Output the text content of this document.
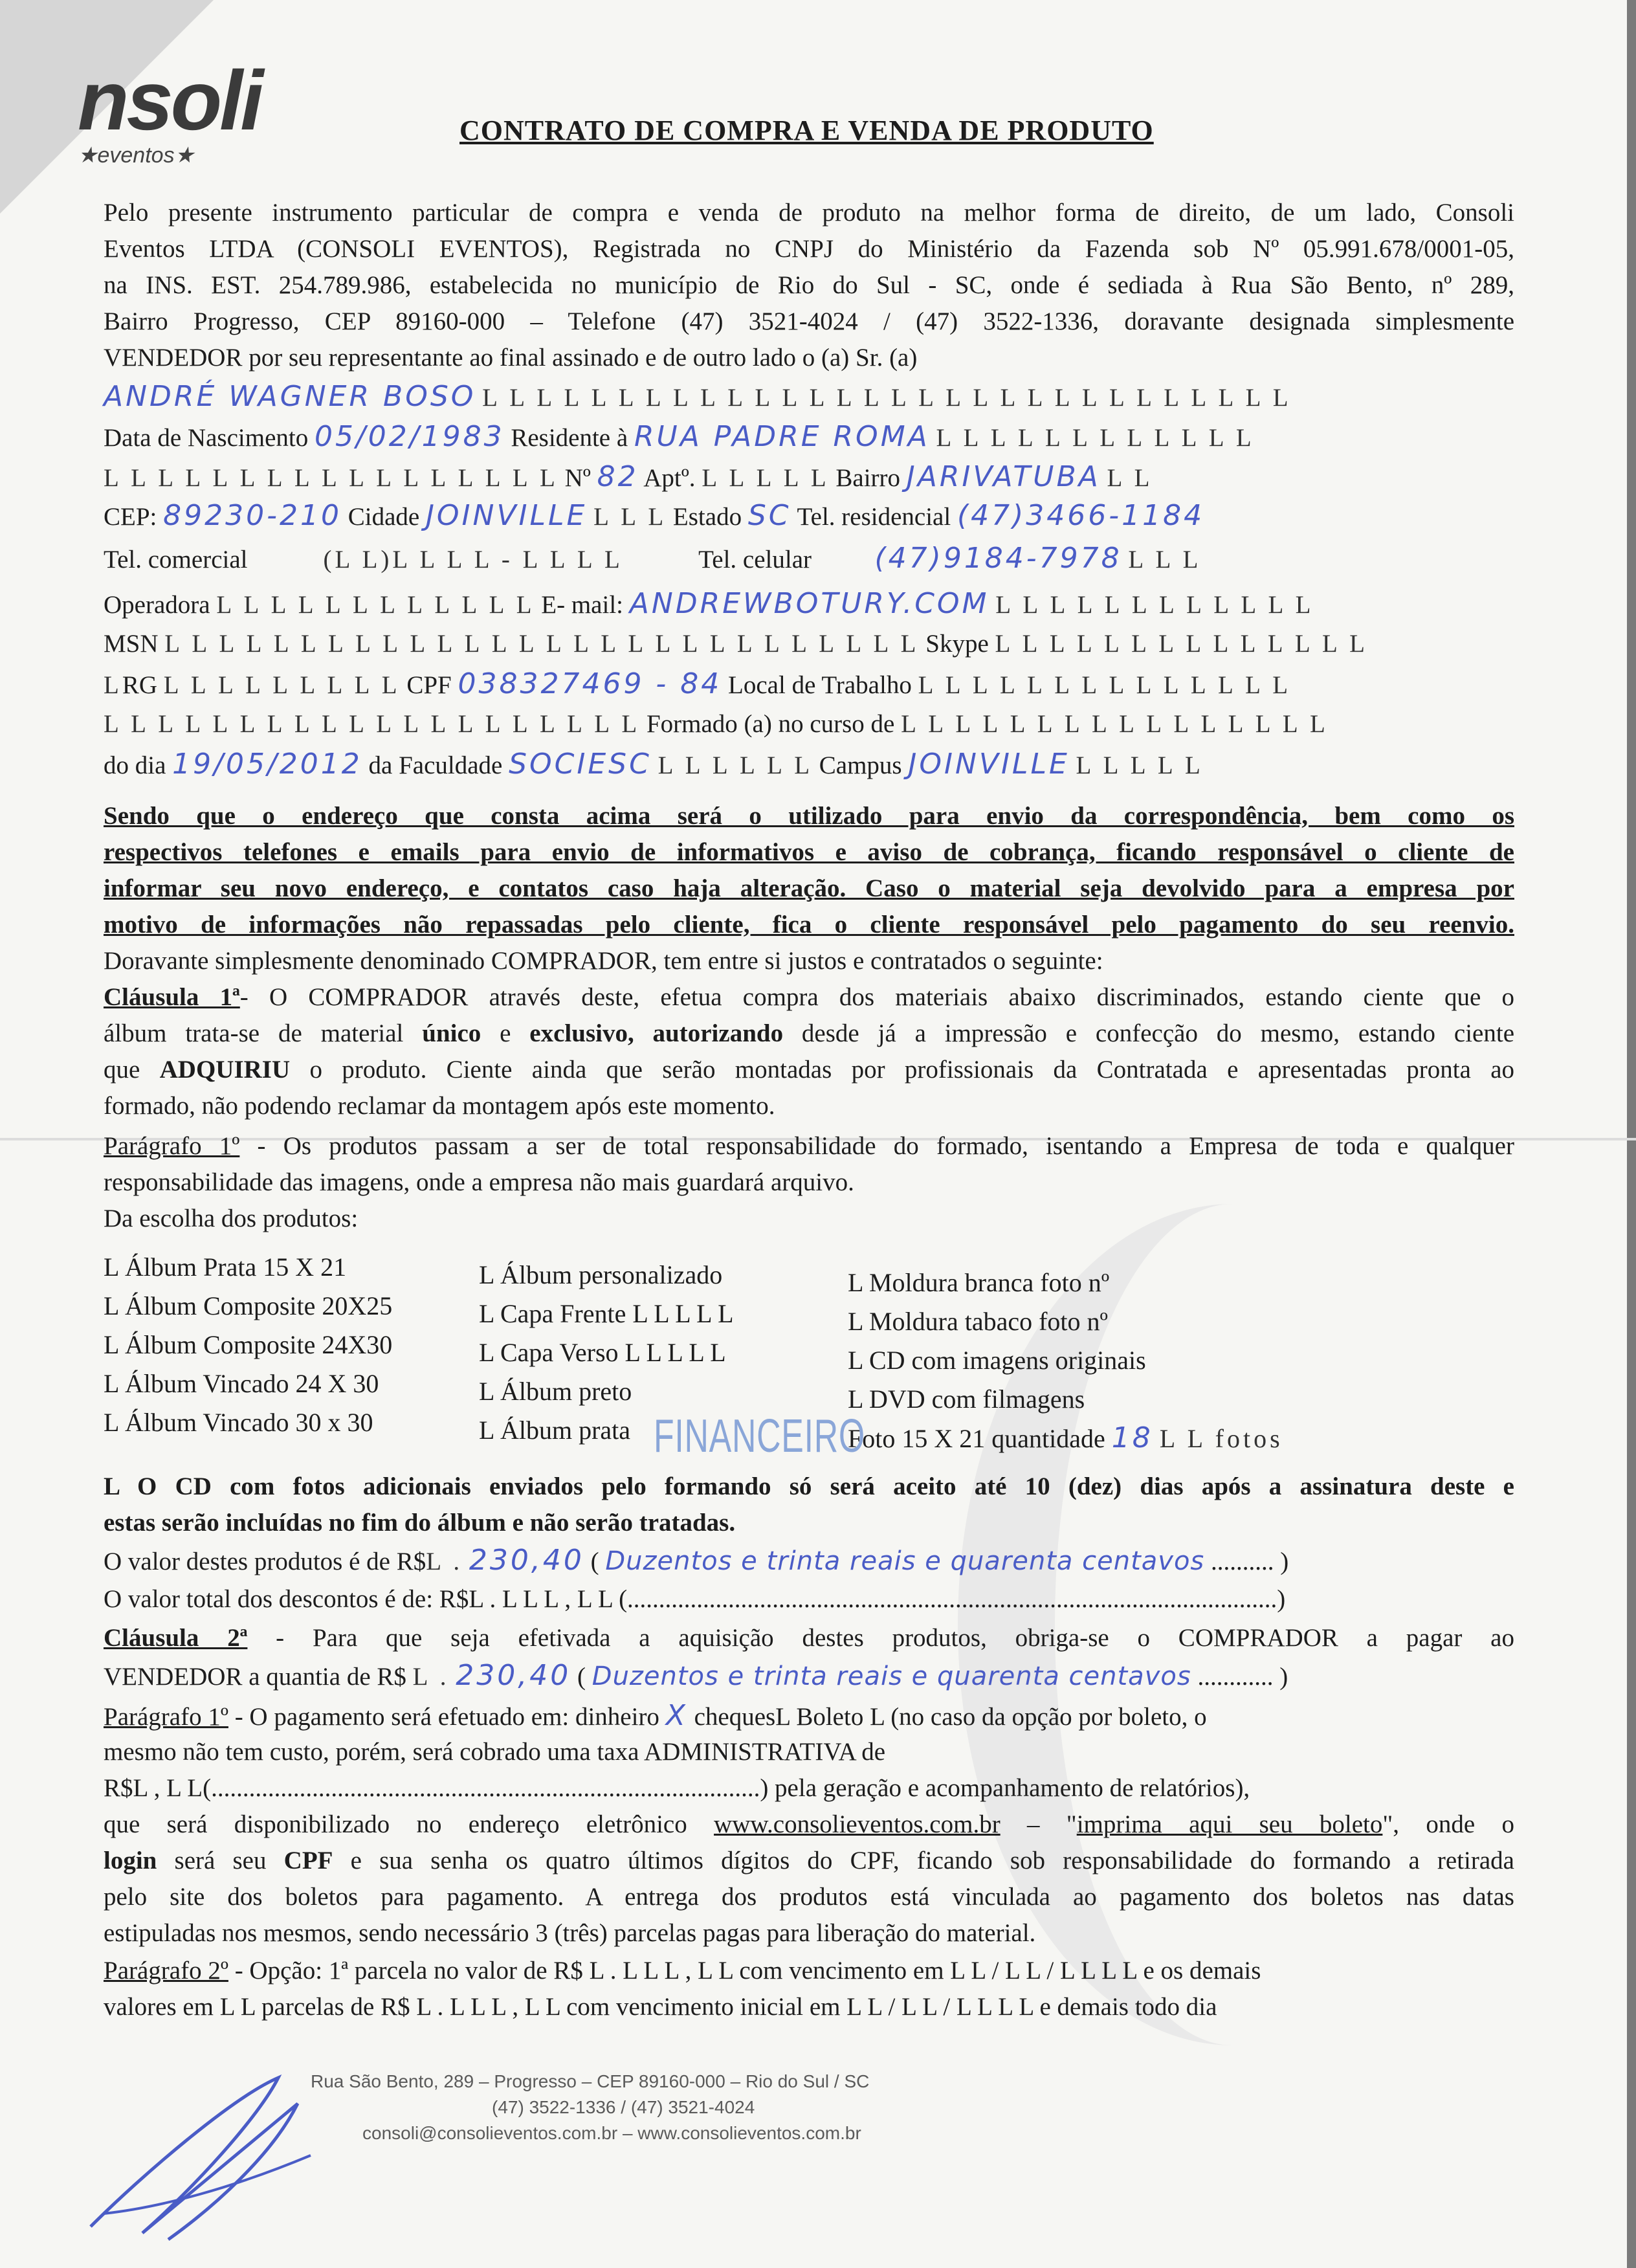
nsoli
★eventos★
CONTRATO DE COMPRA E VENDA DE PRODUTO
Pelo presente instrumento particular de compra e venda de produto na melhor forma de direito, de um lado, Consoli
Eventos LTDA (CONSOLI EVENTOS), Registrada no CNPJ do Ministério da Fazenda sob Nº 05.991.678/0001-05,
na INS. EST. 254.789.986, estabelecida no município de Rio do Sul - SC, onde é sediada à Rua São Bento, nº 289,
Bairro Progresso, CEP 89160-000 – Telefone (47) 3521-4024 / (47) 3522-1336, doravante designada simplesmente
VENDEDOR por seu representante ao final assinado e de outro lado o (a) Sr. (a)
ANDRÉ WAGNER BOSO L L L L L L L L L L L L L L L L L L L L L L L L L L L L L L
Data de Nascimento 05/02/1983 Residente à RUA PADRE ROMA L L L L L L L L L L L L
L L L L L L L L L L L L L L L L L Nº 82 Aptº. L L L L L Bairro JARIVATUBA L L
CEP: 89230-210 Cidade JOINVILLE L L L Estado SC Tel. residencial (47)3466-1184
Tel. comercial	(L L)L L L L - L L L L	Tel. celular (47)9184-7978 L L L
Operadora L L L L L L L L L L L L E- mail: ANDREWBOTURY.COM L L L L L L L L L L L L
MSN L L L L L L L L L L L L L L L L L L L L L L L L L L L L Skype L L L L L L L L L L L L L L
LRG L L L L L L L L L CPF 038327469 - 84 Local de Trabalho L L L L L L L L L L L L L L
L L L L L L L L L L L L L L L L L L L L Formado (a) no curso de L L L L L L L L L L L L L L L L
do dia 19/05/2012 da Faculdade SOCIESC L L L L L L Campus JOINVILLE L L L L L
Sendo que o endereço que consta acima será o utilizado para envio da correspondência, bem como os
respectivos telefones e emails para envio de informativos e aviso de cobrança, ficando responsável o cliente de
informar seu novo endereço, e contatos caso haja alteração. Caso o material seja devolvido para a empresa por
motivo de informações não repassadas pelo cliente, fica o cliente responsável pelo pagamento do seu reenvio.
Doravante simplesmente denominado COMPRADOR, tem entre si justos e contratados o seguinte:
Cláusula 1ª- O COMPRADOR através deste, efetua compra dos materiais abaixo discriminados, estando ciente que o
álbum trata-se de material único e exclusivo, autorizando desde já a impressão e confecção do mesmo, estando ciente
que ADQUIRIU o produto. Ciente ainda que serão montadas por profissionais da Contratada e apresentadas pronta ao
formado, não podendo reclamar da montagem após este momento.
Parágrafo 1º - Os produtos passam a ser de total responsabilidade do formado, isentando a Empresa de toda e qualquer
responsabilidade das imagens, onde a empresa não mais guardará arquivo.
Da escolha dos produtos:
L Álbum Prata 15 X 21
L Álbum Composite 20X25
L Álbum Composite 24X30
L Álbum Vincado 24 X 30
L Álbum Vincado 30 x 30
L Álbum personalizado
L Capa Frente L L L L L
L Capa Verso L L L L L
L Álbum preto
L Álbum prata
L Moldura branca foto nº
L Moldura tabaco foto nº
L CD com imagens originais
L DVD com filmagens
Foto 15 X 21 quantidade 18 L L fotos
FINANCEIRO
L O CD com fotos adicionais enviados pelo formando só será aceito até 10 (dez) dias após a assinatura deste e
estas serão incluídas no fim do álbum e não serão tratadas.
O valor destes produtos é de R$L . 230,40 ( Duzentos e trinta reais e quarenta centavos .......... )
O valor total dos descontos é de: R$L . L L L , L L (.......................................................................................................)
Cláusula 2ª - Para que seja efetivada a aquisição destes produtos, obriga-se o COMPRADOR a pagar ao
VENDEDOR a quantia de R$ L . 230,40 ( Duzentos e trinta reais e quarenta centavos ............ )
Parágrafo 1º - O pagamento será efetuado em: dinheiro X chequesL Boleto L (no caso da opção por boleto, o
mesmo não tem custo, porém, será cobrado uma taxa ADMINISTRATIVA de
R$L , L L(.......................................................................................) pela geração e acompanhamento de relatórios),
que será disponibilizado no endereço eletrônico www.consolieventos.com.br – "imprima aqui seu boleto", onde o
login será seu CPF e sua senha os quatro últimos dígitos do CPF, ficando sob responsabilidade do formando a retirada
pelo site dos boletos para pagamento. A entrega dos produtos está vinculada ao pagamento dos boletos nas datas
estipuladas nos mesmos, sendo necessário 3 (três) parcelas pagas para liberação do material.
Parágrafo 2º - Opção: 1ª parcela no valor de R$ L . L L L , L L com vencimento em L L / L L / L L L L e os demais
valores em L L parcelas de R$ L . L L L , L L com vencimento inicial em L L / L L / L L L L e demais todo dia
Rua São Bento, 289 – Progresso – CEP 89160-000 – Rio do Sul / SC
(47) 3522-1336 / (47) 3521-4024
consoli@consolieventos.com.br – www.consolieventos.com.br
